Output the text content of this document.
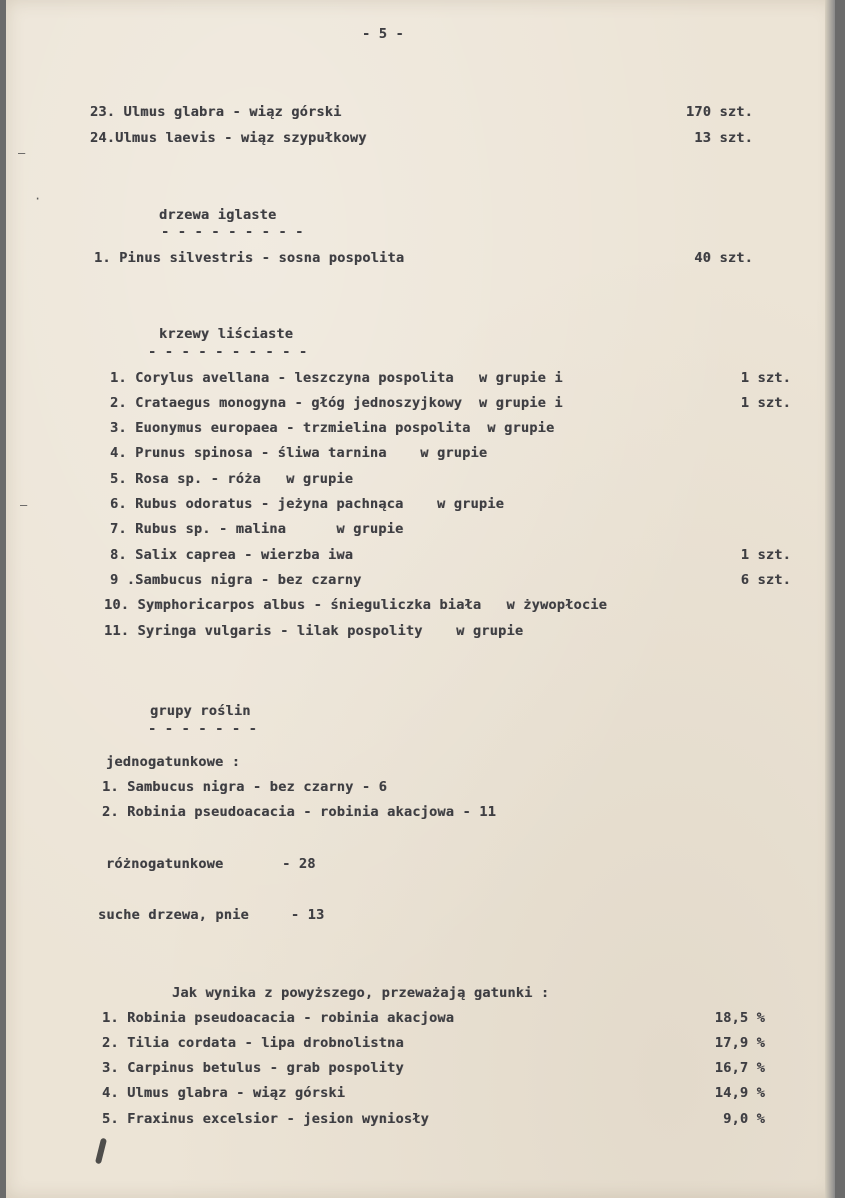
- 5 -
23. Ulmus glabra - wiąz górski	170 szt.
24.Ulmus laevis - wiąz szypułkowy	13 szt.
drzewa iglaste
- - - - - - - - -
1. Pinus silvestris - sosna pospolita	40 szt.
krzewy liściaste
- - - - - - - - - -
1. Corylus avellana - leszczyna pospolita   w grupie i	1 szt.
2. Crataegus monogyna - głóg jednoszyjkowy  w grupie i	1 szt.
3. Euonymus europaea - trzmielina pospolita  w grupie
4. Prunus spinosa - śliwa tarnina    w grupie
5. Rosa sp. - róża   w grupie
6. Rubus odoratus - jeżyna pachnąca    w grupie
7. Rubus sp. - malina      w grupie
8. Salix caprea - wierzba iwa	1 szt.
9 .Sambucus nigra - bez czarny	6 szt.
10. Symphoricarpos albus - śnieguliczka biała   w żywopłocie
11. Syringa vulgaris - lilak pospolity    w grupie
grupy roślin
- - - - - - -
jednogatunkowe :
1. Sambucus nigra - bez czarny - 6
2. Robinia pseudoacacia - robinia akacjowa - 11
różnogatunkowe       - 28
suche drzewa, pnie     - 13
Jak wynika z powyższego, przeważają gatunki :
1. Robinia pseudoacacia - robinia akacjowa	18,5 %
2. Tilia cordata - lipa drobnolistna	17,9 %
3. Carpinus betulus - grab pospolity	16,7 %
4. Ulmus glabra - wiąz górski	14,9 %
5. Fraxinus excelsior - jesion wyniosły	9,0 %
–
·
–
